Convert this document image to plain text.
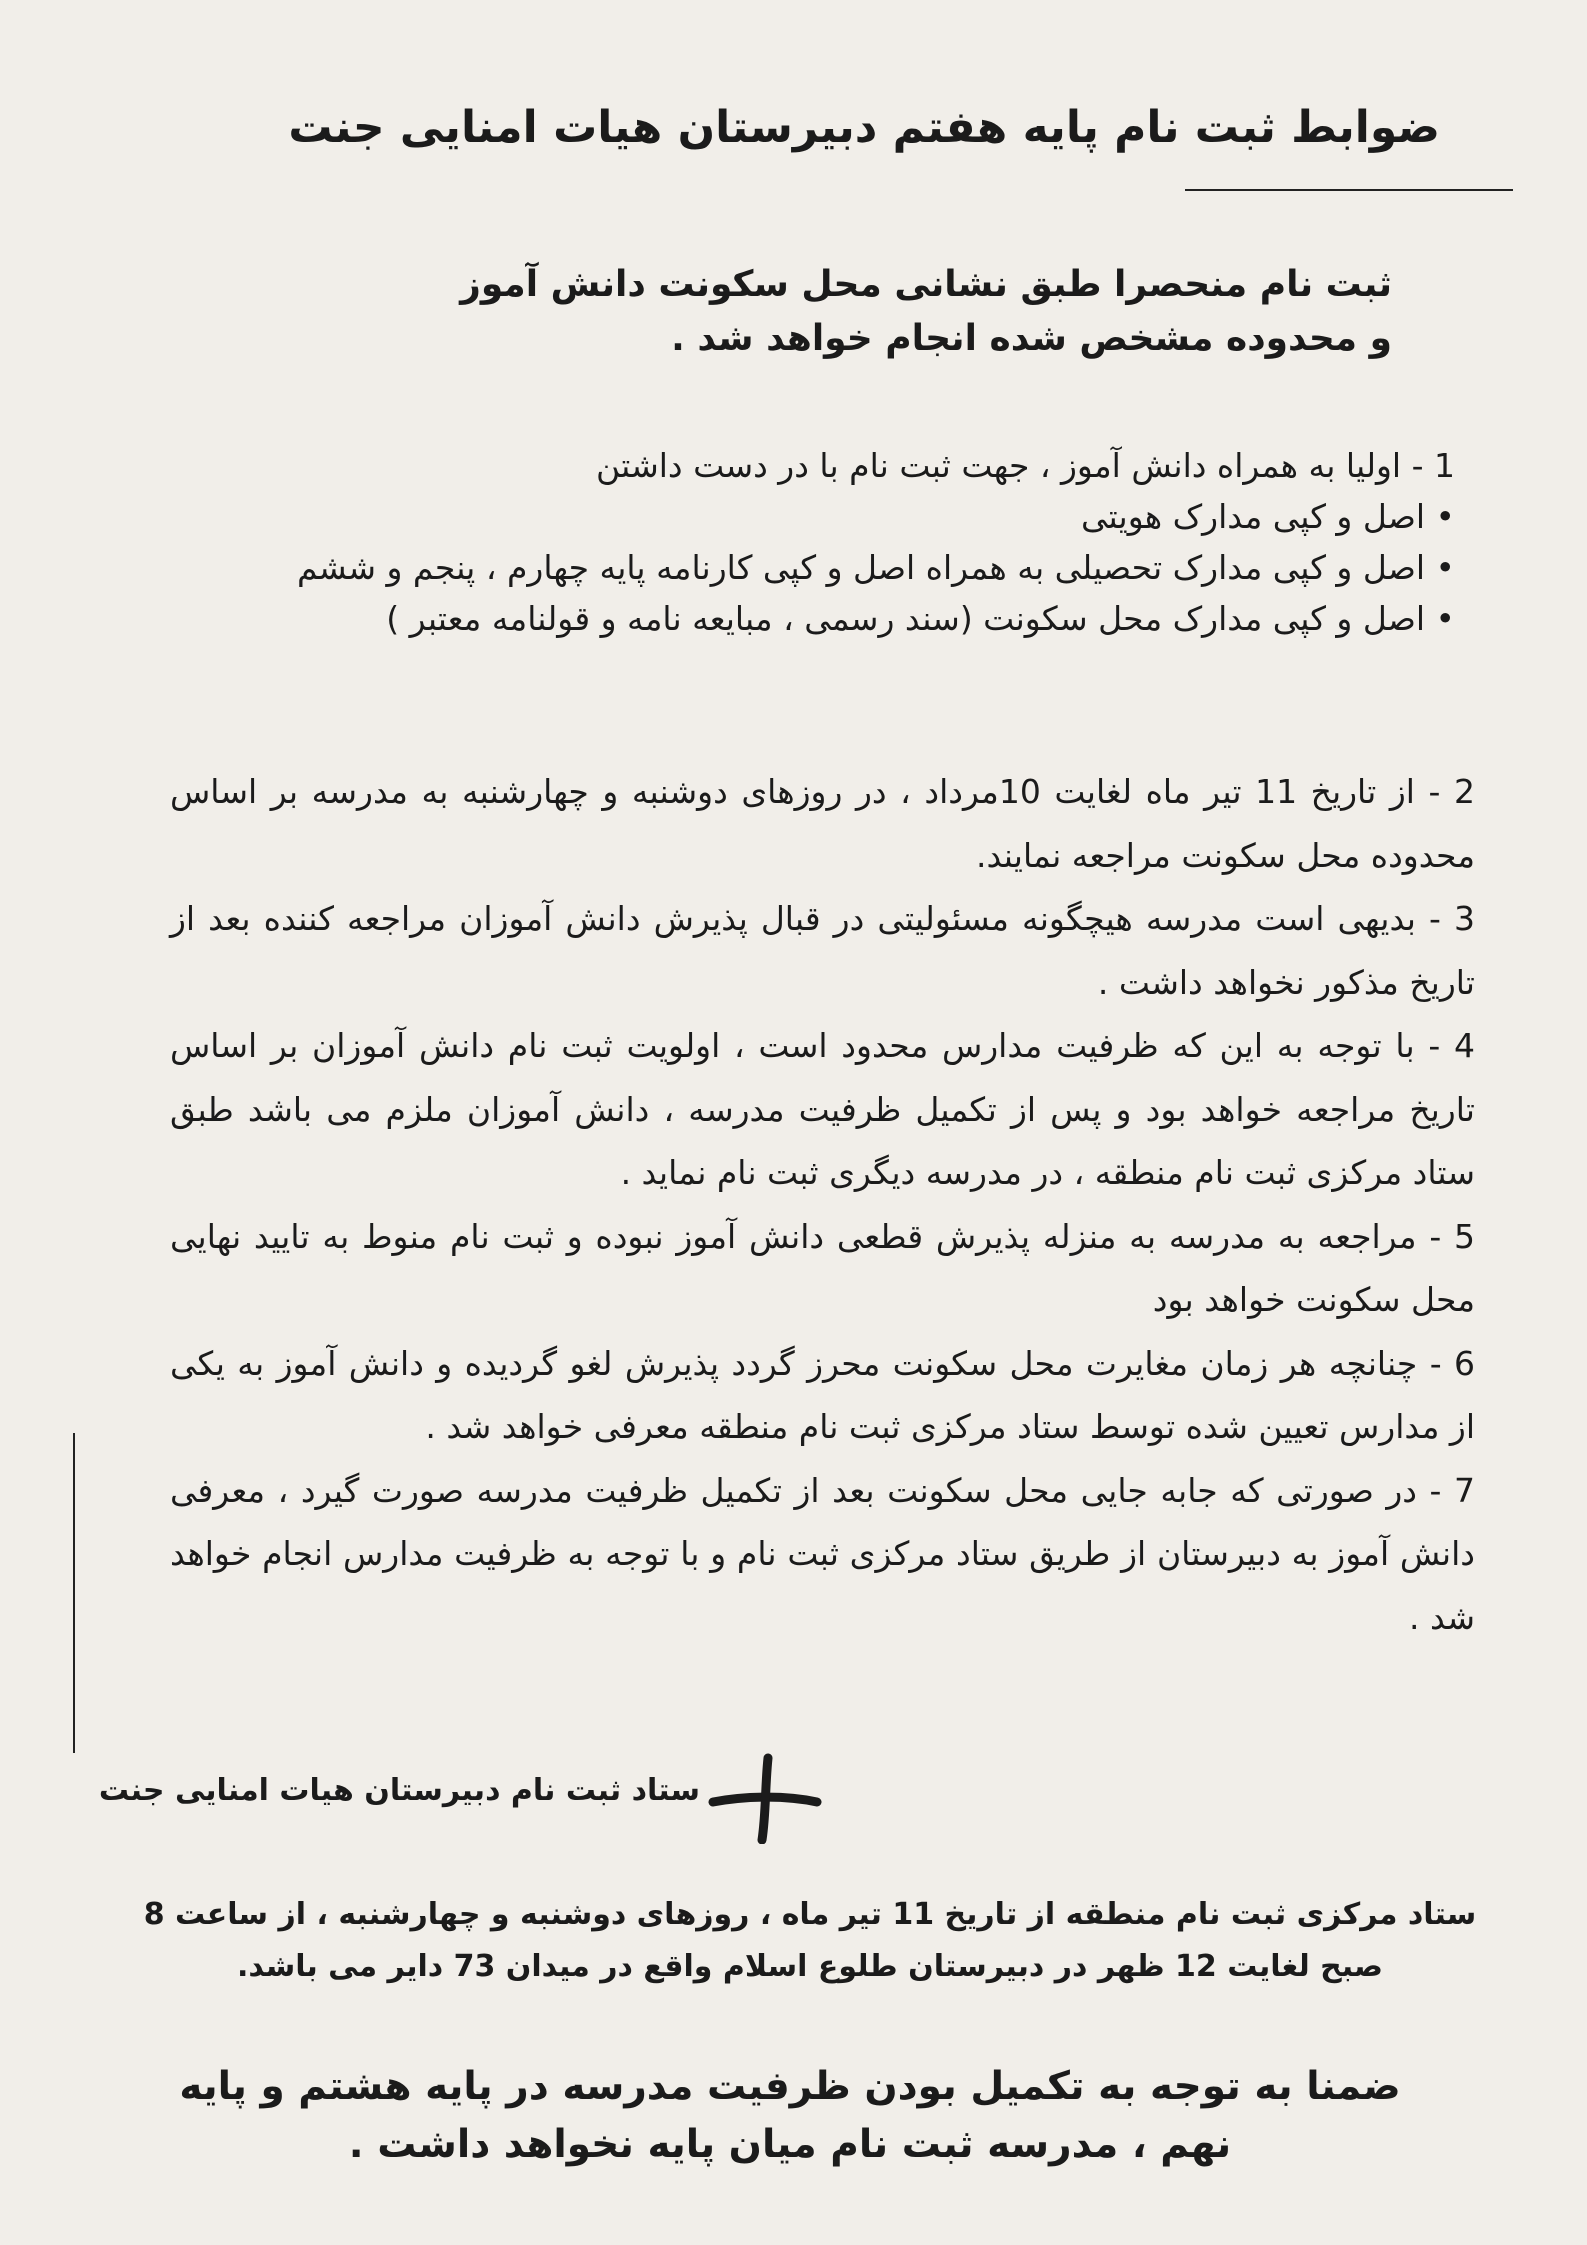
ضوابط ثبت نام پایه هفتم دبیرستان هیات امنایی جنت
ثبت نام منحصرا طبق نشانی محل سکونت دانش آموز و محدوده مشخص شده انجام خواهد شد .
1 - اولیا به همراه دانش آموز ، جهت ثبت نام با در دست داشتن
• اصل و کپی مدارک هویتی
• اصل و کپی مدارک تحصیلی به همراه اصل و کپی کارنامه پایه چهارم ، پنجم و ششم
• اصل و کپی مدارک محل سکونت (سند رسمی ، مبایعه نامه و قولنامه معتبر )

2 - از تاریخ 11 تیر ماه لغایت 10مرداد ، در روزهای دوشنبه و چهارشنبه به مدرسه بر اساس محدوده محل سکونت مراجعه نمایند.

3 - بدیهی است مدرسه هیچگونه مسئولیتی در قبال پذیرش دانش آموزان مراجعه کننده بعد از تاریخ مذکور نخواهد داشت .

4 - با توجه به این که ظرفیت مدارس محدود است ، اولویت ثبت نام دانش آموزان بر اساس تاریخ مراجعه خواهد بود و پس از تکمیل ظرفیت مدرسه ، دانش آموزان ملزم می باشد طبق ستاد مرکزی ثبت نام منطقه ، در مدرسه دیگری ثبت نام نماید .

5 - مراجعه به مدرسه به منزله پذیرش قطعی دانش آموز نبوده و ثبت نام منوط به تایید نهایی محل سکونت خواهد بود

6 - چنانچه هر زمان مغایرت محل سکونت محرز گردد پذیرش لغو گردیده و دانش آموز به یکی از مدارس تعیین شده توسط ستاد مرکزی ثبت نام منطقه معرفی خواهد شد .

7 - در صورتی که جابه جایی محل سکونت بعد از تکمیل ظرفیت مدرسه صورت گیرد ، معرفی دانش آموز به دبیرستان از طریق ستاد مرکزی ثبت نام و با توجه به ظرفیت مدارس انجام خواهد شد .

ستاد ثبت نام دبیرستان هیات امنایی جنت
ستاد مرکزی ثبت نام منطقه از تاریخ 11 تیر ماه ، روزهای دوشنبه و چهارشنبه ، از ساعت 8 صبح لغایت 12 ظهر در دبیرستان طلوع اسلام واقع در میدان 73 دایر می باشد.
ضمنا به توجه به تکمیل بودن ظرفیت مدرسه در پایه هشتم و پایه نهم ، مدرسه ثبت نام میان پایه نخواهد داشت .
